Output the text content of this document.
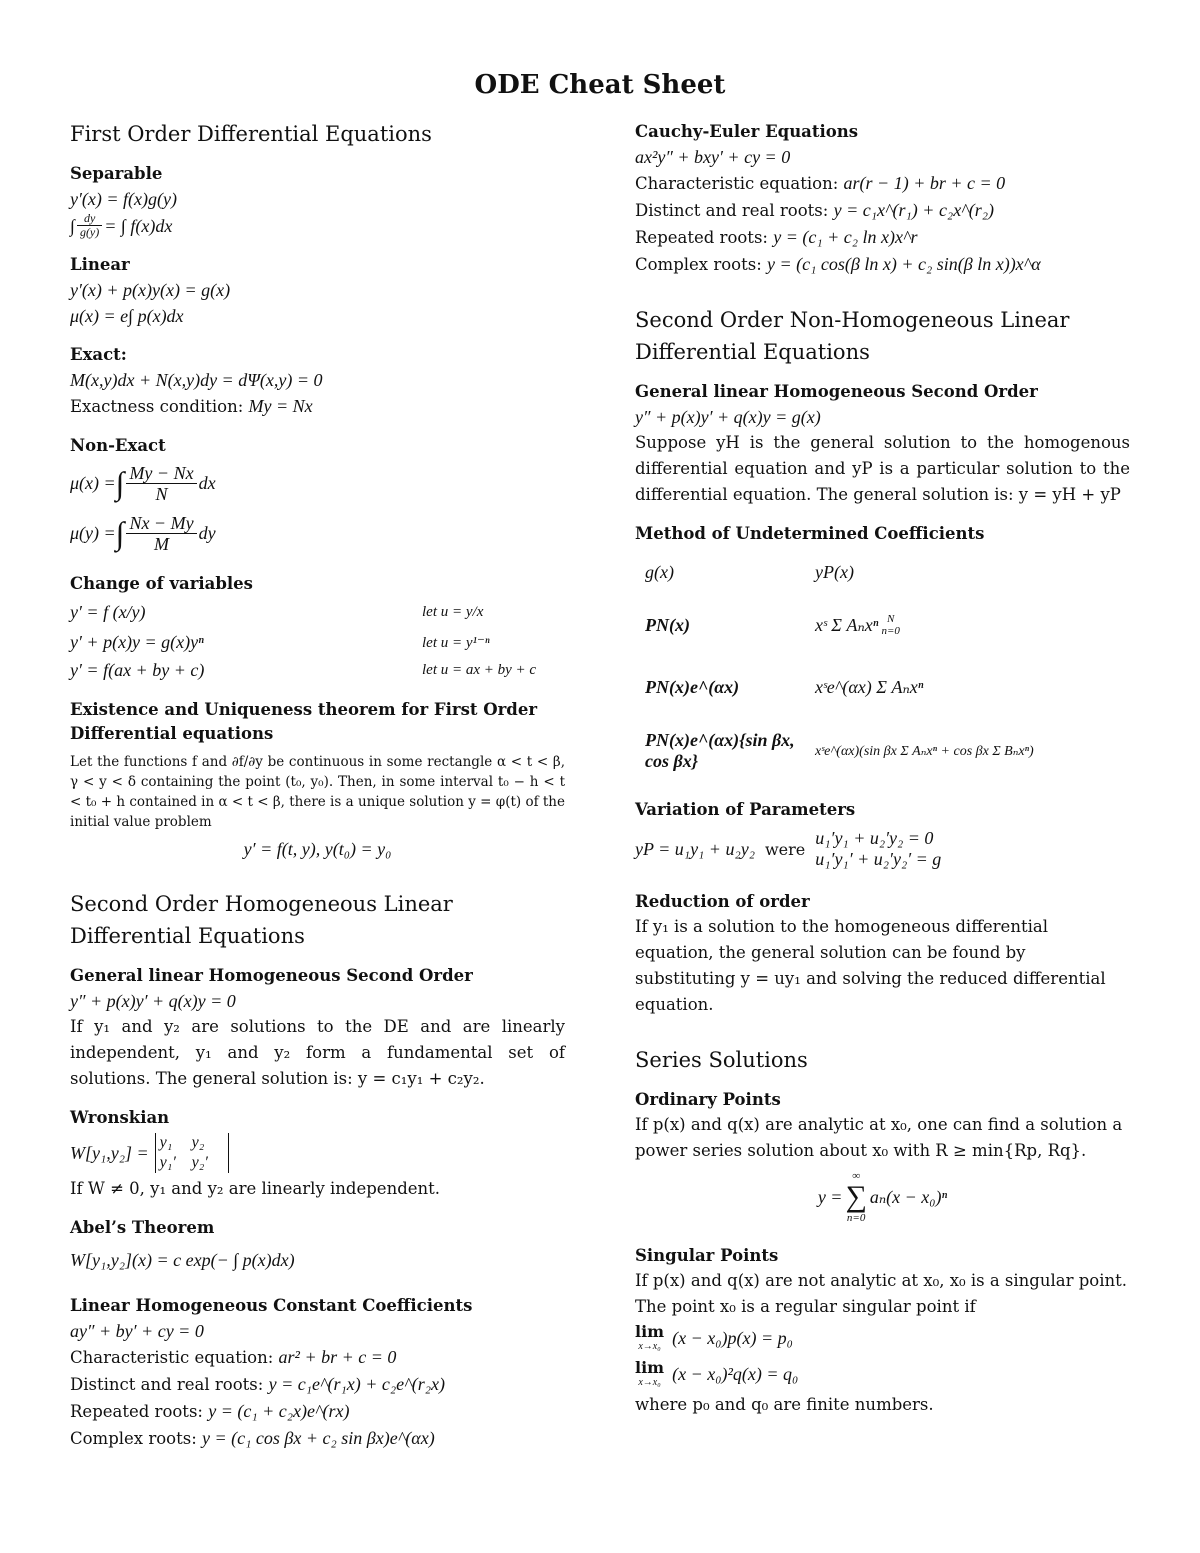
ODE Cheat Sheet
First Order Differential Equations
Separable
y′(x) = f(x)g(y)
∫ $\frac{dy}{g(y)}$ = ∫ f(x)dx
Linear
y′(x) + p(x)y(x) = g(x)
μ(x) = e∫ p(x)dx
Exact:
M(x,y)dx + N(x,y)dy = dΨ(x,y) = 0
Exactness condition: My = Nx
Non-Exact
μ(x) = ∫ $\frac{My - Nx}{N}$ dx
μ(y) = ∫ $\frac{Nx - My}{M}$ dy
Change of variables
y′ = f (x/y)	let u = y/x
y′ + p(x)y = g(x)yⁿ	let u = y¹⁻ⁿ
y′ = f(ax + by + c)	let u = ax + by + c
Existence and Uniqueness theorem for First Order Differential equations
Let the functions f and ∂f/∂y be continuous in some rectangle α < t < β, γ < y < δ containing the point (t₀, y₀). Then, in some interval t₀ − h < t < t₀ + h contained in α < t < β, there is a unique solution y = φ(t) of the initial value problem
y′ = f(t, y), y(t₀) = y₀
Second Order Homogeneous Linear Differential Equations
General linear Homogeneous Second Order
y″ + p(x)y′ + q(x)y = 0
If y₁ and y₂ are solutions to the DE and are linearly independent, y₁ and y₂ form a fundamental set of solutions. The general solution is: y = c₁y₁ + c₂y₂.
Wronskian
W[y₁,y₂] = y₁	y₂
y₁′ y₂′
If W ≠ 0, y₁ and y₂ are linearly independent.
Abel’s Theorem
W[y₁,y₂](x) = c exp(− ∫ p(x)dx)
Linear Homogeneous Constant Coefficients
ay″ + by′ + cy = 0
Characteristic equation: ar² + br + c = 0
Distinct and real roots: y = c₁e^(r₁x) + c₂e^(r₂x)
Repeated roots: y = (c₁ + c₂x)e^(rx)
Complex roots: y = (c₁ cos βx + c₂ sin βx)e^(αx)
Cauchy-Euler Equations
ax²y″ + bxy′ + cy = 0
Characteristic equation: ar(r − 1) + br + c = 0
Distinct and real roots: y = c₁x^(r₁) + c₂x^(r₂)
Repeated roots: y = (c₁ + c₂ ln x)x^r
Complex roots: y = (c₁ cos(β ln x) + c₂ sin(β ln x))x^α
Second Order Non-Homogeneous Linear Differential Equations
General linear Homogeneous Second Order
y″ + p(x)y′ + q(x)y = g(x)
Suppose yH is the general solution to the homogenous differential equation and yP is a particular solution to the differential equation. The general solution is: y = yH + yP
Method of Undetermined Coefficients
g(x)	yP(x)
PN(x)	xˢ Σ Aₙxⁿ N
n=0
PN(x)e^(αx)	xˢe^(αx) Σ Aₙxⁿ
PN(x)e^(αx){sin βx, cos βx}	xˢe^(αx)(sin βx Σ Aₙxⁿ + cos βx Σ Bₙxⁿ)
Variation of Parameters
yP = u₁y₁ + u₂y₂ were
u₁′y₁ + u₂′y₂ = 0
u₁′y₁′ + u₂′y₂′ = g
Reduction of order
If y₁ is a solution to the homogeneous differential equation, the general solution can be found by substituting y = uy₁ and solving the reduced differential equation.
Series Solutions
Ordinary Points
If p(x) and q(x) are analytic at x₀, one can find a solution a power series solution about x₀ with R ≥ min{Rp, Rq}.
y =
∞
∑
n=0
aₙ(x − x₀)ⁿ
Singular Points
If p(x) and q(x) are not analytic at x₀, x₀ is a singular point. The point x₀ is a regular singular point if
lim
x→x₀ (x − x₀)p(x) = p₀
lim
x→x₀ (x − x₀)²q(x) = q₀
where p₀ and q₀ are finite numbers.
